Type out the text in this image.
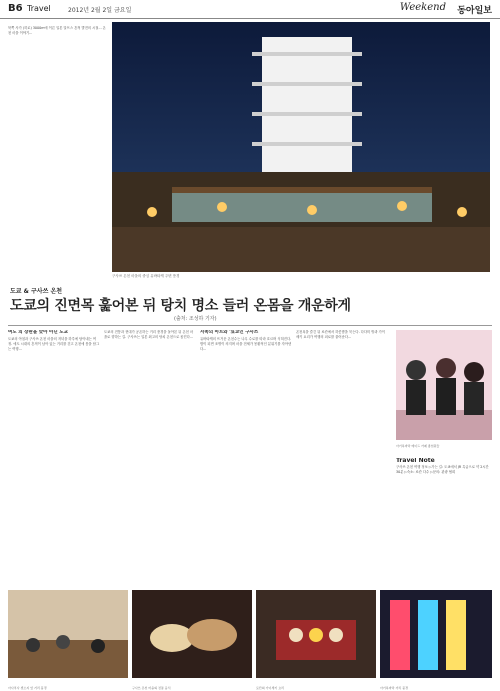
B6 Travel	2012년 2월 2일 금요일	Weekend 동아일보
북쪽 사가 (히로) 3000m에 이른 일본 알프스 흔적 발전의 시절... 온천 마을 이야기...
구사쓰 온천 마을의 중심 유바타케 주변 풍경
도쿄 & 구사쓰 온천
도쿄의 진면목 훑어본 뒤 탕치 명소 들러 온몸을 개운하게
(출처: 조성하 기자)
여도 의 장판을 맞아 아닌 도교
도쿄의 아침과 구사쓰 온천 마을의 저녁을 하루에 담아내는 여정. 에도 시대의 흔적이 남아 있는 거리를 걷고 온천에 몸을 담그는 여행...
도쿄의 전통과 현대가 공존하는 거리 풍경을 돌아본 뒤 온천 마을로 향하는 길. 구사쓰는 일본 최고의 탕치 온천으로 꼽힌다...
서쪽의 아트와 '료쿄인 구사쓰
유바타케의 뜨거운 온천수는 나무 수로를 따라 흐르며 식혀진다. 밤이 되면 조명이 켜지며 마을 전체가 몽환적인 분위기를 자아낸다...
온천욕을 즐긴 뒤 료칸에서 하룻밤을 묵는다. 다다미 방과 가이세키 요리가 여행의 피로를 풀어준다...
아키하바라 메이드 카페 종업원들
Travel Note
구사쓰 온천 여행 정보 ▷가는 길: 도쿄에서 JR 특급으로 약 2시간 30분 ▷숙소: 료칸 다수 ▷문의: 관광 협회
아사쿠사 센소지 앞 거리 풍경	구사쓰 온천 마을의 전통 음식	료칸의 가이세키 요리	아키하바라 거리 풍경
